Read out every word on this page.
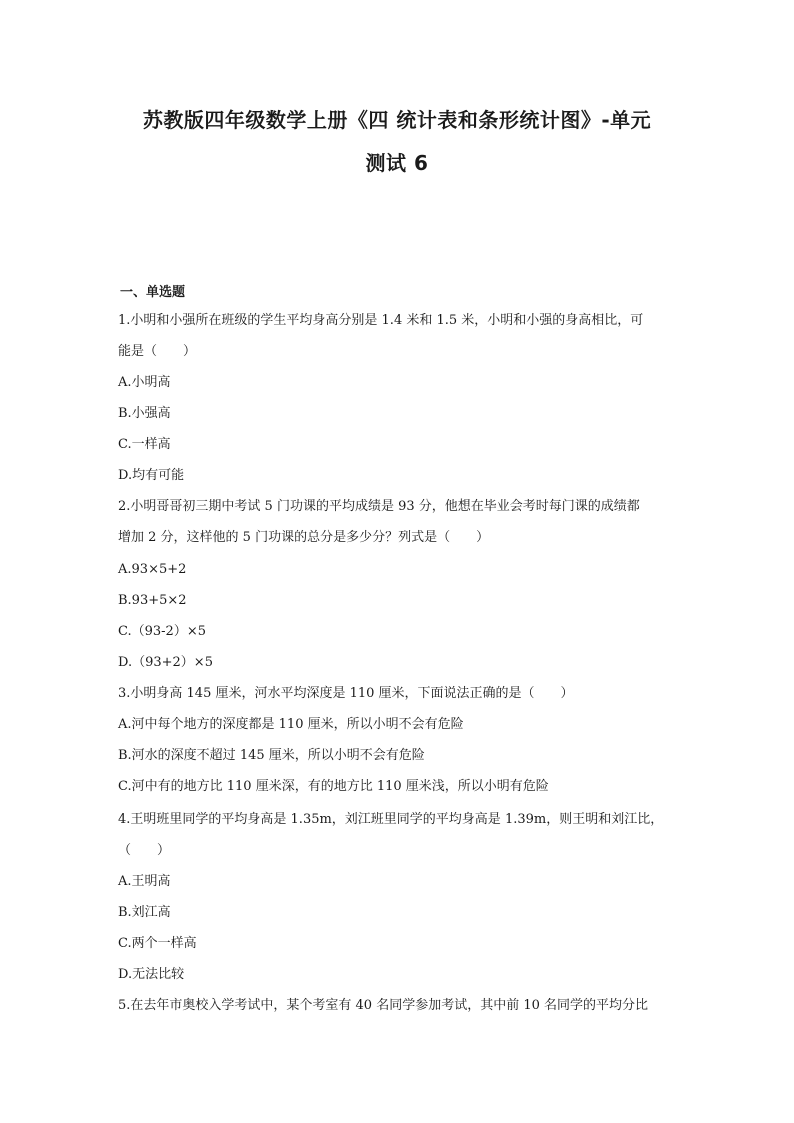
苏教版四年级数学上册《四 统计表和条形统计图》-单元
测试 6
一、单选题
1.小明和小强所在班级的学生平均身高分别是 1.4 米和 1.5 米，小明和小强的身高相比，可
能是（　　）
A.小明高
B.小强高
C.一样高
D.均有可能
2.小明哥哥初三期中考试 5 门功课的平均成绩是 93 分，他想在毕业会考时每门课的成绩都
增加 2 分，这样他的 5 门功课的总分是多少分？列式是（　　）
A.93×5+2
B.93+5×2
C.（93-2）×5
D.（93+2）×5
3.小明身高 145 厘米，河水平均深度是 110 厘米，下面说法正确的是（　　）
A.河中每个地方的深度都是 110 厘米，所以小明不会有危险
B.河水的深度不超过 145 厘米，所以小明不会有危险
C.河中有的地方比 110 厘米深，有的地方比 110 厘米浅，所以小明有危险
4.王明班里同学的平均身高是 1.35m，刘江班里同学的平均身高是 1.39m，则王明和刘江比，
（　　）
A.王明高
B.刘江高
C.两个一样高
D.无法比较
5.在去年市奥校入学考试中，某个考室有 40 名同学参加考试，其中前 10 名同学的平均分比
